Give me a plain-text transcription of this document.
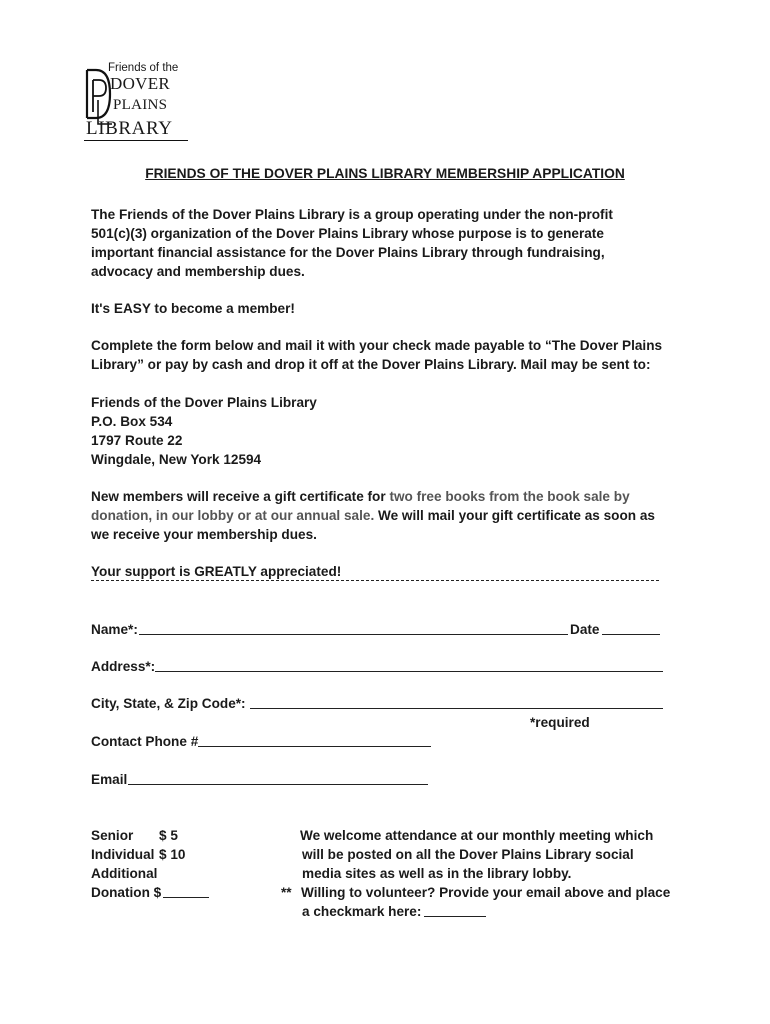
Friends of the
DOVER
PLAINS
LIBRARY
FRIENDS OF THE DOVER PLAINS LIBRARY MEMBERSHIP APPLICATION
The Friends of the Dover Plains Library is a group operating under the non-profit
501(c)(3) organization of the Dover Plains Library whose purpose is to generate
important financial assistance for the Dover Plains Library through fundraising,
advocacy and membership dues.
It's EASY to become a member!
Complete the form below and mail it with your check made payable to “The Dover Plains
Library” or pay by cash and drop it off at the Dover Plains Library. Mail may be sent to:
Friends of the Dover Plains Library
P.O. Box 534
1797 Route 22
Wingdale, New York 12594
New members will receive a gift certificate for two free books from the book sale by
donation, in our lobby or at our annual sale. We will mail your gift certificate as soon as
we receive your membership dues.
Your support is GREATLY appreciated!
Name*:	Date
Address*:
City, State, & Zip Code*:
*required
Contact Phone #
Email
Senior $ 5
Individual $ 10
Additional
Donation $
We welcome attendance at our monthly meeting which
will be posted on all the Dover Plains Library social
media sites as well as in the library lobby.
** Willing to volunteer? Provide your email above and place
a checkmark here:
